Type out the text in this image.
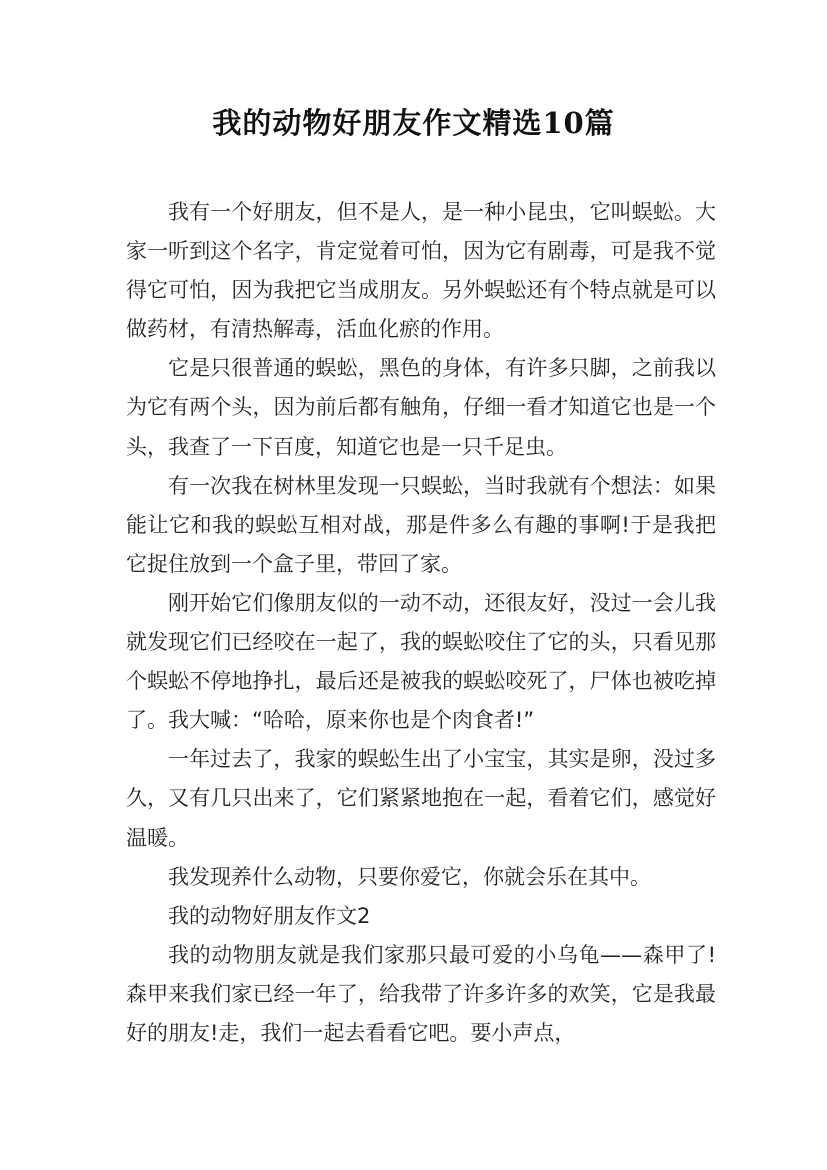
我的动物好朋友作文精选10篇

我有一个好朋友，但不是人，是一种小昆虫，它叫蜈蚣。大家一听到这个名字，肯定觉着可怕，因为它有剧毒，可是我不觉得它可怕，因为我把它当成朋友。另外蜈蚣还有个特点就是可以做药材，有清热解毒，活血化瘀的作用。

它是只很普通的蜈蚣，黑色的身体，有许多只脚，之前我以为它有两个头，因为前后都有触角，仔细一看才知道它也是一个头，我查了一下百度，知道它也是一只千足虫。

有一次我在树林里发现一只蜈蚣，当时我就有个想法：如果能让它和我的蜈蚣互相对战，那是件多么有趣的事啊!于是我把它捉住放到一个盒子里，带回了家。

刚开始它们像朋友似的一动不动，还很友好，没过一会儿我就发现它们已经咬在一起了，我的蜈蚣咬住了它的头，只看见那个蜈蚣不停地挣扎，最后还是被我的蜈蚣咬死了，尸体也被吃掉了。我大喊：“哈哈，原来你也是个肉食者!”

一年过去了，我家的蜈蚣生出了小宝宝，其实是卵，没过多久，又有几只出来了，它们紧紧地抱在一起，看着它们，感觉好温暖。

我发现养什么动物，只要你爱它，你就会乐在其中。

我的动物好朋友作文2

我的动物朋友就是我们家那只最可爱的小乌龟——森甲了!森甲来我们家已经一年了，给我带了许多许多的欢笑，它是我最好的朋友!走，我们一起去看看它吧。要小声点，
